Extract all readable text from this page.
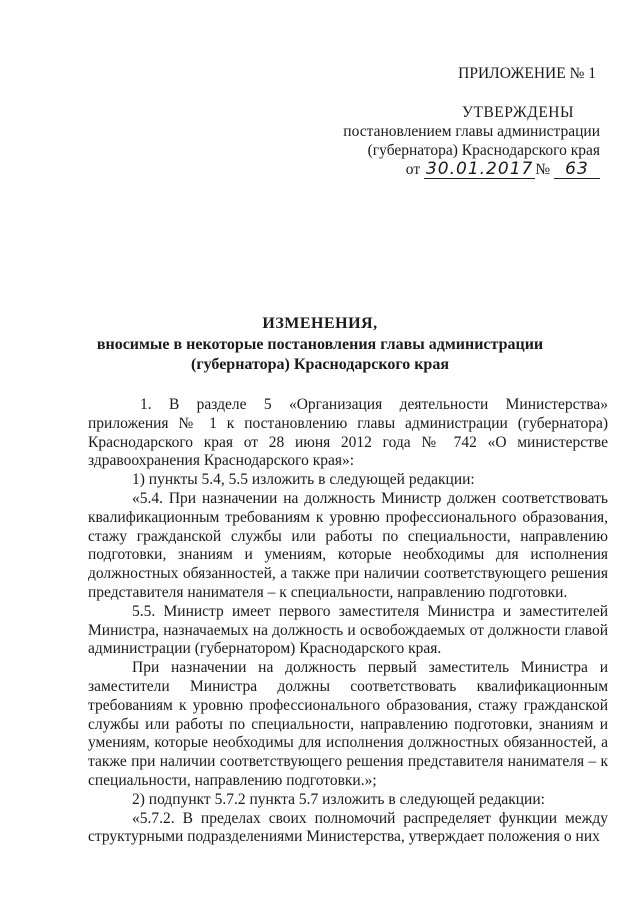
ПРИЛОЖЕНИЕ № 1
УТВЕРЖДЕНЫ
постановлением главы администрации
(губернатора) Краснодарского края
от 30.01.2017 № 63
ИЗМЕНЕНИЯ,
вносимые в некоторые постановления главы администрации
(губернатора) Краснодарского края

1. В разделе 5 «Организация деятельности Министерства» приложения № 1 к постановлению главы администрации (губернатора) Краснодарского края от 28 июня 2012 года № 742 «О министерстве здравоохранения Краснодарского края»:

1) пункты 5.4, 5.5 изложить в следующей редакции:

«5.4. При назначении на должность Министр должен соответствовать квалификационным требованиям к уровню профессионального образования, стажу гражданской службы или работы по специальности, направлению подготовки, знаниям и умениям, которые необходимы для исполнения должностных обязанностей, а также при наличии соответствующего решения представителя нанимателя – к специальности, направлению подготовки.

5.5. Министр имеет первого заместителя Министра и заместителей Министра, назначаемых на должность и освобождаемых от должности главой администрации (губернатором) Краснодарского края.

При назначении на должность первый заместитель Министра и заместители Министра должны соответствовать квалификационным требованиям к уровню профессионального образования, стажу гражданской службы или работы по специальности, направлению подготовки, знаниям и умениям, которые необходимы для исполнения должностных обязанностей, а также при наличии соответствующего решения представителя нанимателя – к специальности, направлению подготовки.»;

2) подпункт 5.7.2 пункта 5.7 изложить в следующей редакции:

«5.7.2. В пределах своих полномочий распределяет функции между структурными подразделениями Министерства, утверждает положения о них
